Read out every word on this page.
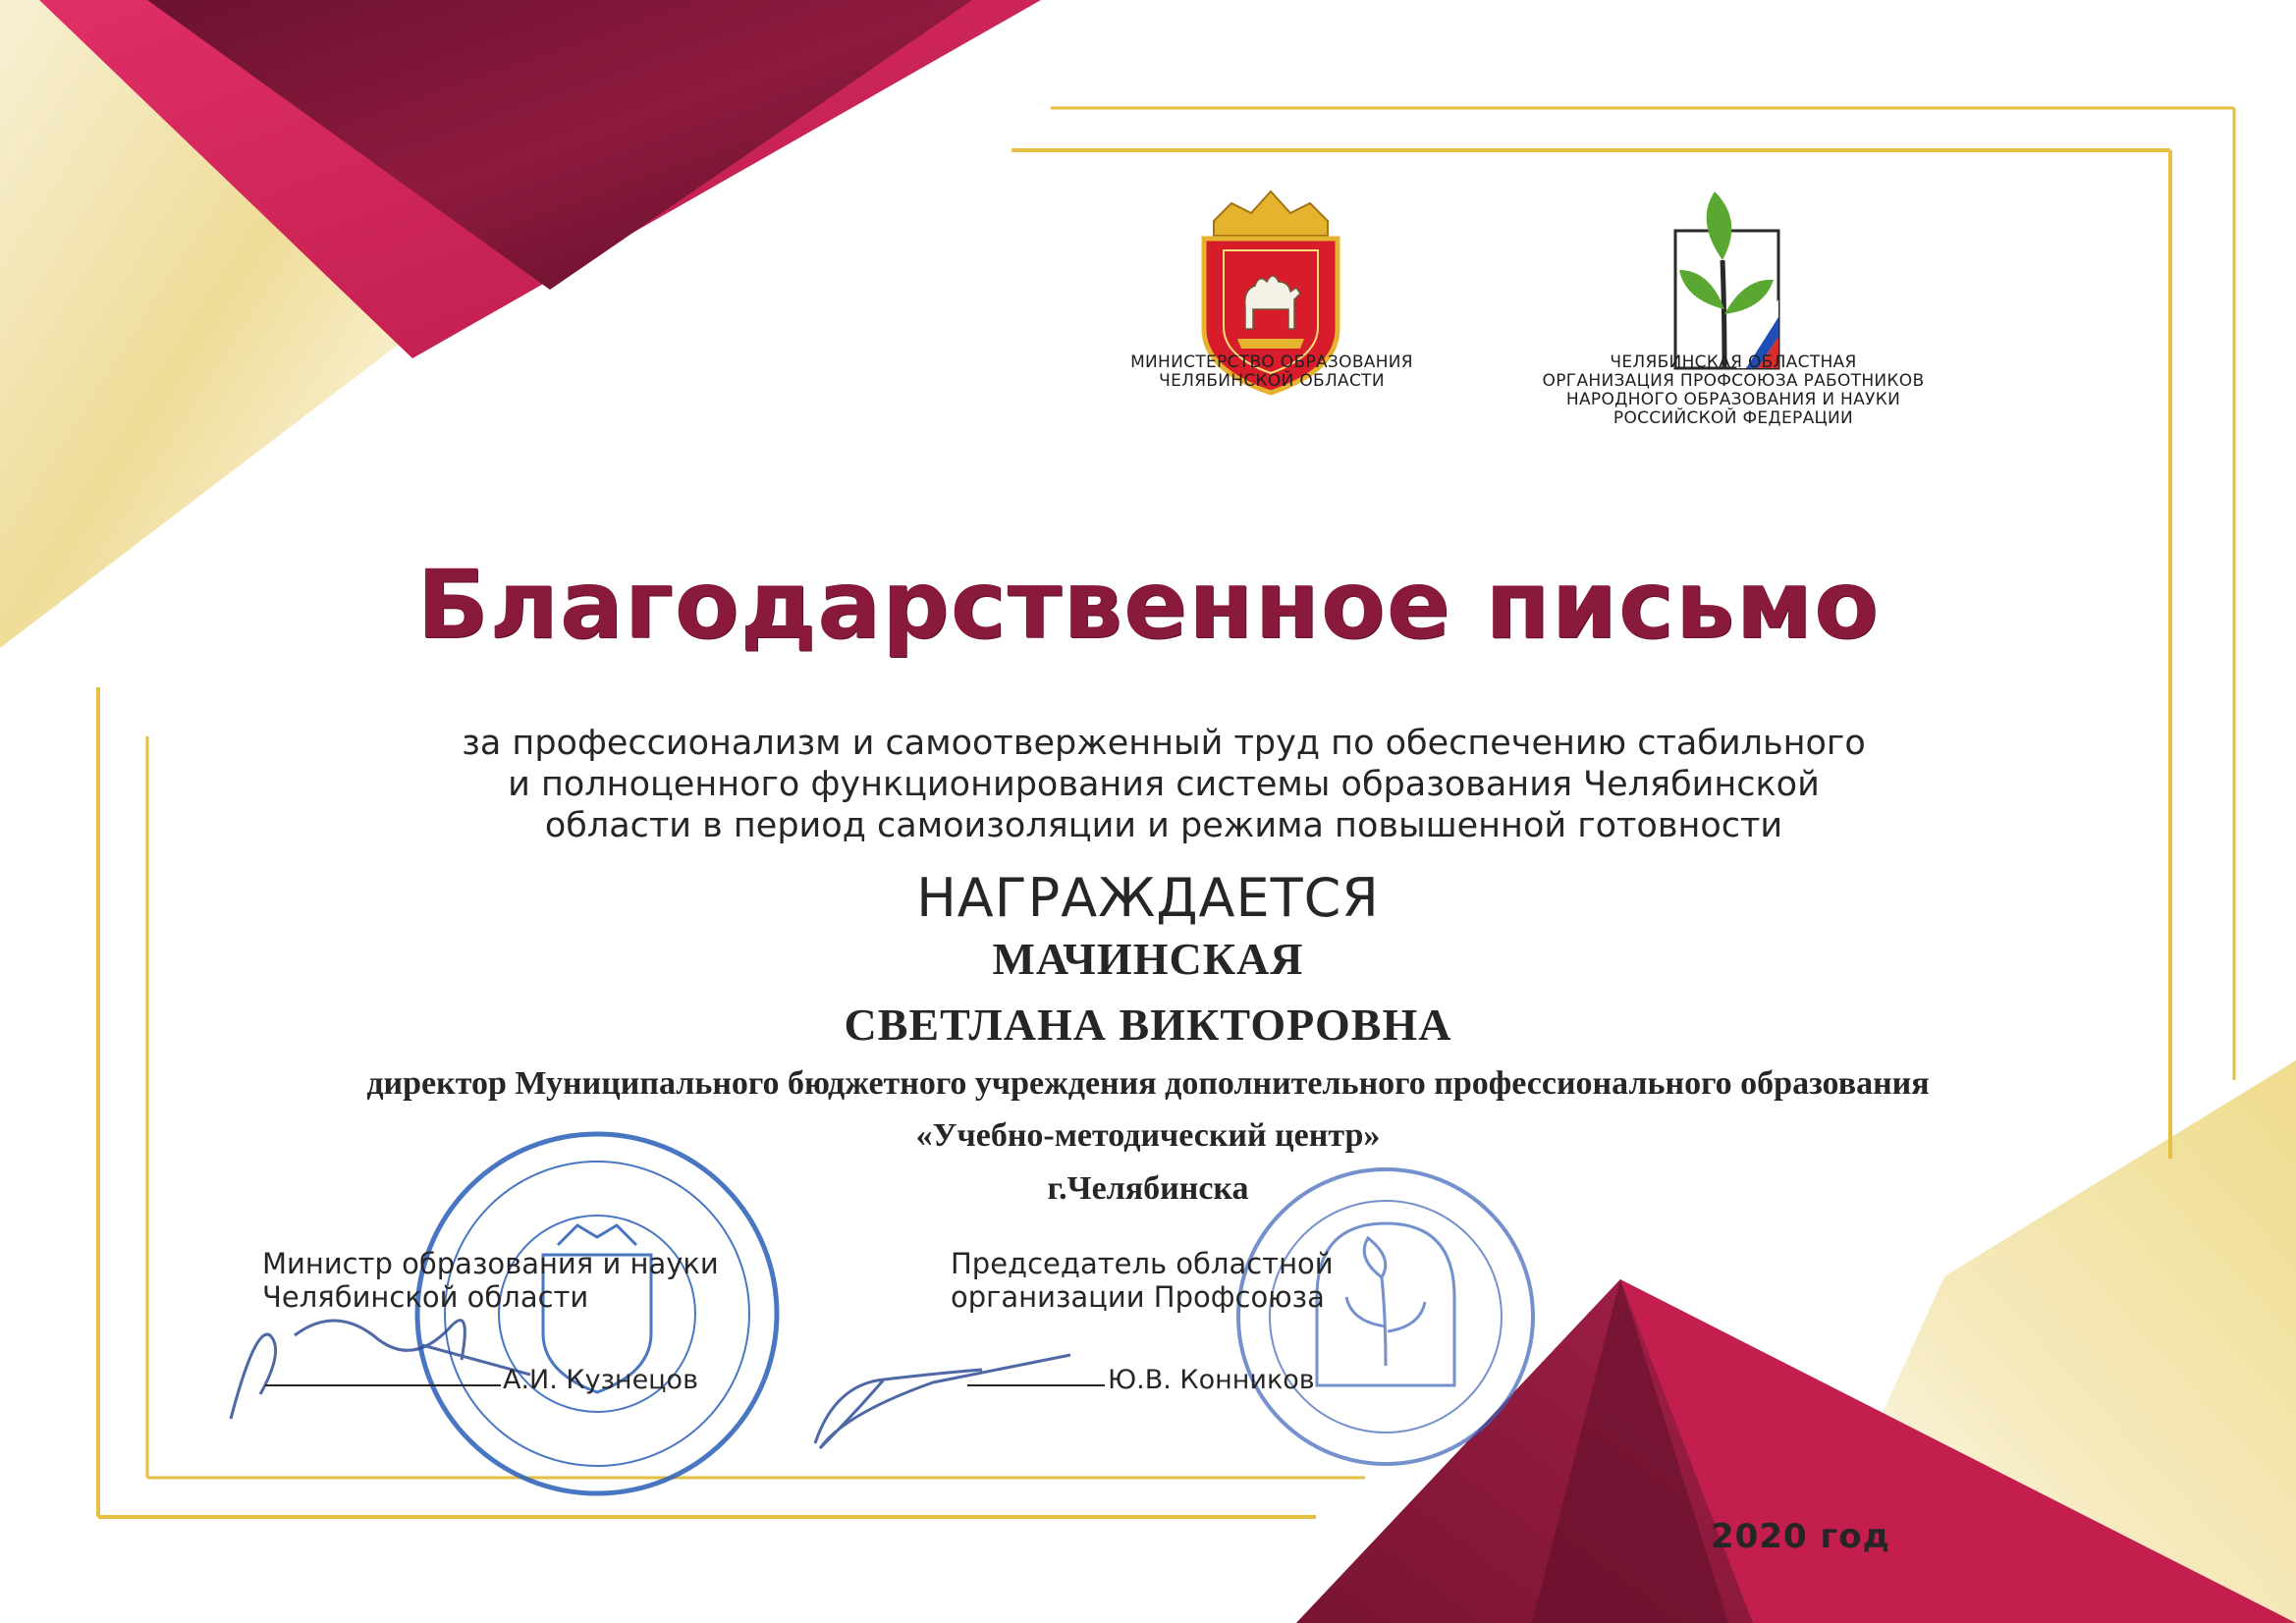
МИНИСТЕРСТВО ОБРАЗОВАНИЯ
ЧЕЛЯБИНСКОЙ ОБЛАСТИ
ЧЕЛЯБИНСКАЯ ОБЛАСТНАЯ
ОРГАНИЗАЦИЯ ПРОФСОЮЗА РАБОТНИКОВ
НАРОДНОГО ОБРАЗОВАНИЯ И НАУКИ
РОССИЙСКОЙ ФЕДЕРАЦИИ
Благодарственное письмо
за профессионализм и самоотверженный труд по обеспечению стабильного
и полноценного функционирования системы образования Челябинской
области в период самоизоляции и режима повышенной готовности
НАГРАЖДАЕТСЯ
МАЧИНСКАЯ
СВЕТЛАНА ВИКТОРОВНА
директор Муниципального бюджетного учреждения дополнительного профессионального образования
«Учебно-методический центр»
г.Челябинска
Министр образования и науки
Челябинской области
А.И. Кузнецов
Председатель областной
организации Профсоюза
Ю.В. Конников
2020 год
